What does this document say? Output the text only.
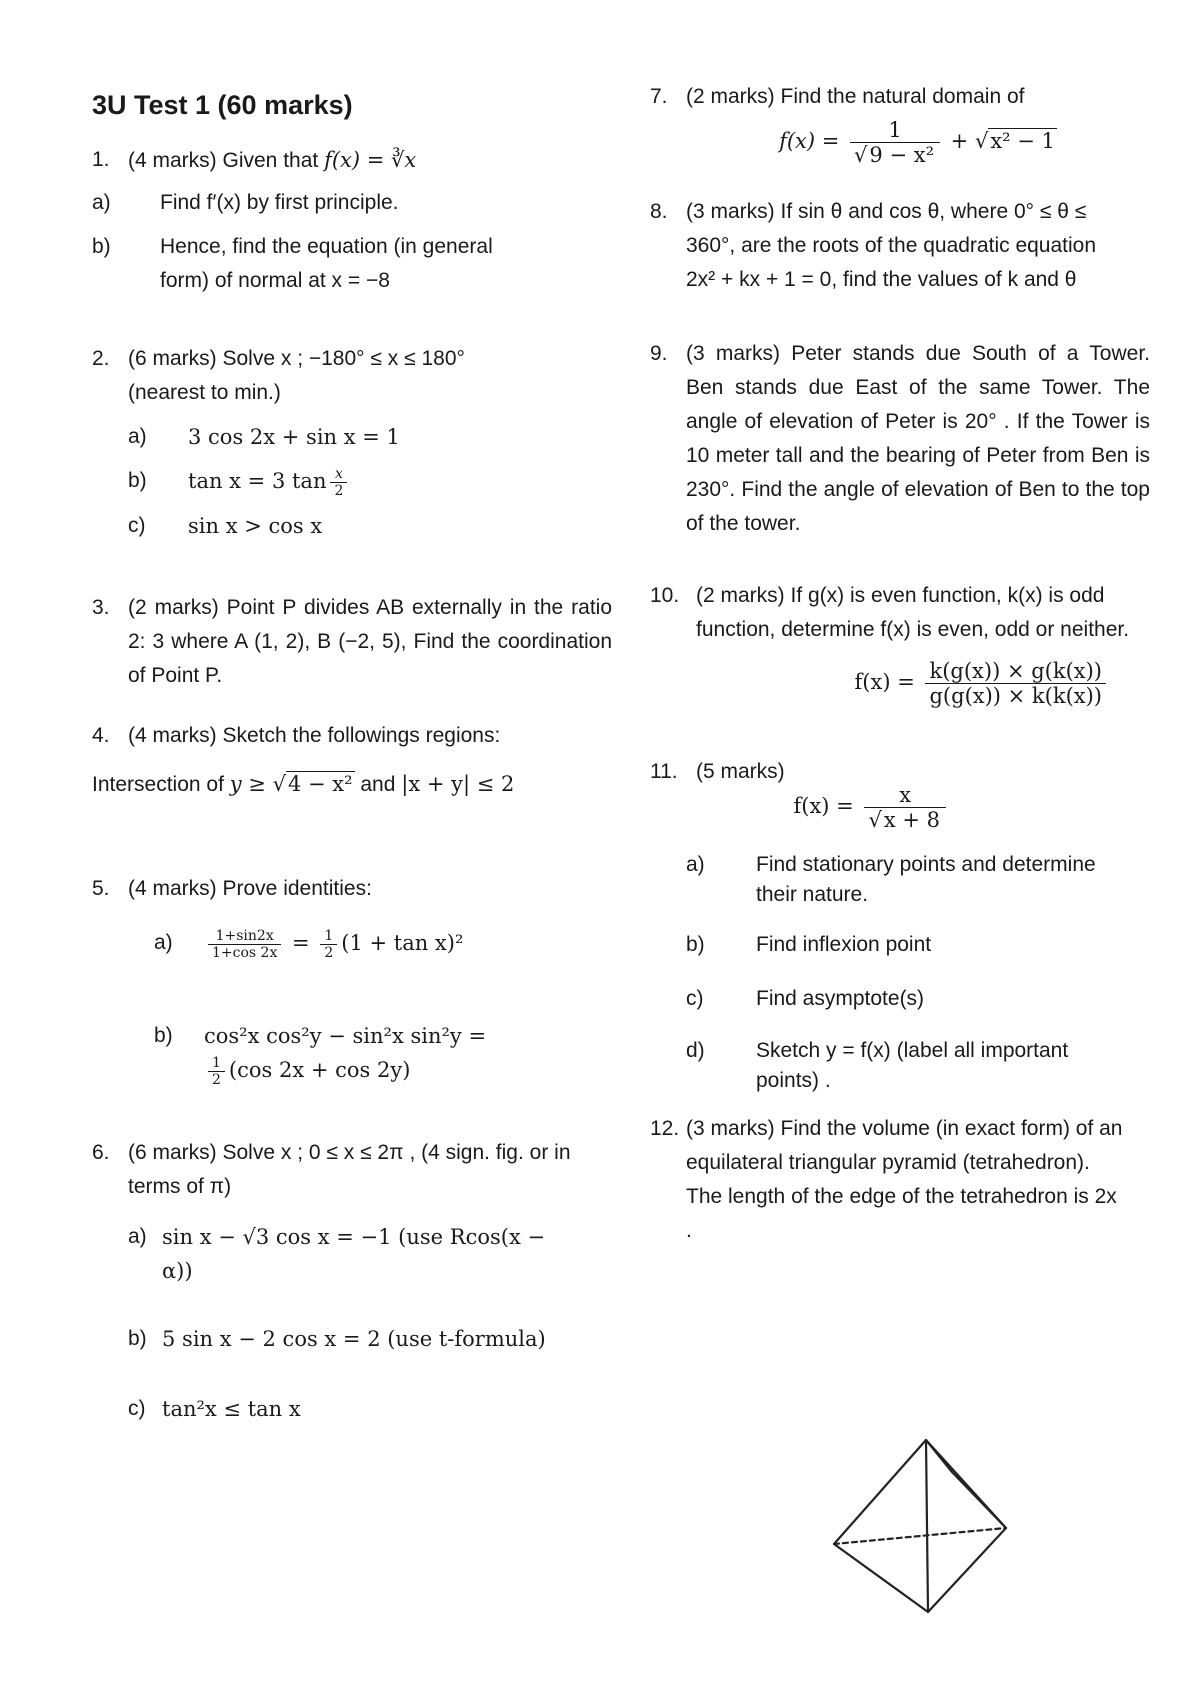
3U Test 1 (60 marks)
1. (4 marks) Given that f(x) = ∛x
a)	Find f′(x) by first principle.
b)	Hence, find the equation (in general form) of normal at x = −8
2. (6 marks) Solve x ; −180° ≤ x ≤ 180°
(nearest to min.)
a)	3 cos 2x + sin x = 1
b)	tan x = 3 $\tan \frac{x}{2}$
c)	sin x > cos x
3. (2 marks) Point P divides AB externally in the ratio 2: 3 where A (1, 2), B (−2, 5), Find the coordination of Point P.
4. (4 marks) Sketch the followings regions:
Intersection of y ≥ √4 − x² and |x + y| ≤ 2
5. (4 marks) Prove identities:
a)	$\frac{1+\sin 2x}{1+\cos 2x} = \frac{1}{2} (1 + \tan x)^2$
b)	cos²x cos²y − sin²x sin²y =
$\frac{1}{2} (\cos$ 2x + cos 2y)
6. (6 marks) Solve x ; 0 ≤ x ≤ 2π , (4 sign. fig. or in terms of π)
a) sin x − √3 cos x = −1 (use Rcos(x − α))
b) 5 sin x − 2 cos x = 2 (use t-formula)
c) tan²x ≤ tan x
7. (2 marks) Find the natural domain of
$f(x) = \frac{1}{\text{√9 − x²}} + √x^2 - 1$
8. (3 marks) If sin θ and cos θ, where 0° ≤ θ ≤ 360°, are the roots of the quadratic equation 2x² + kx + 1 = 0, find the values of k and θ
9. (3 marks) Peter stands due South of a Tower. Ben stands due East of the same Tower. The angle of elevation of Peter is 20° . If the Tower is 10 meter tall and the bearing of Peter from Ben is 230°. Find the angle of elevation of Ben to the top of the tower.
10. (2 marks) If g(x) is even function, k(x) is odd function, determine f(x) is even, odd or neither.
$f(x) = \frac{k(g(x)) \times g(k(x))}{g(g(x)) \times k(k(x))}$
11. (5 marks)
$f(x) = \frac{x}{√x + 8}$
a)	Find stationary points and determine their nature.
b)	Find inflexion point
c)	Find asymptote(s)
d)	Sketch y = f(x) (label all important points) .
12. (3 marks) Find the volume (in exact form) of an equilateral triangular pyramid (tetrahedron). The length of the edge of the tetrahedron is 2x .
